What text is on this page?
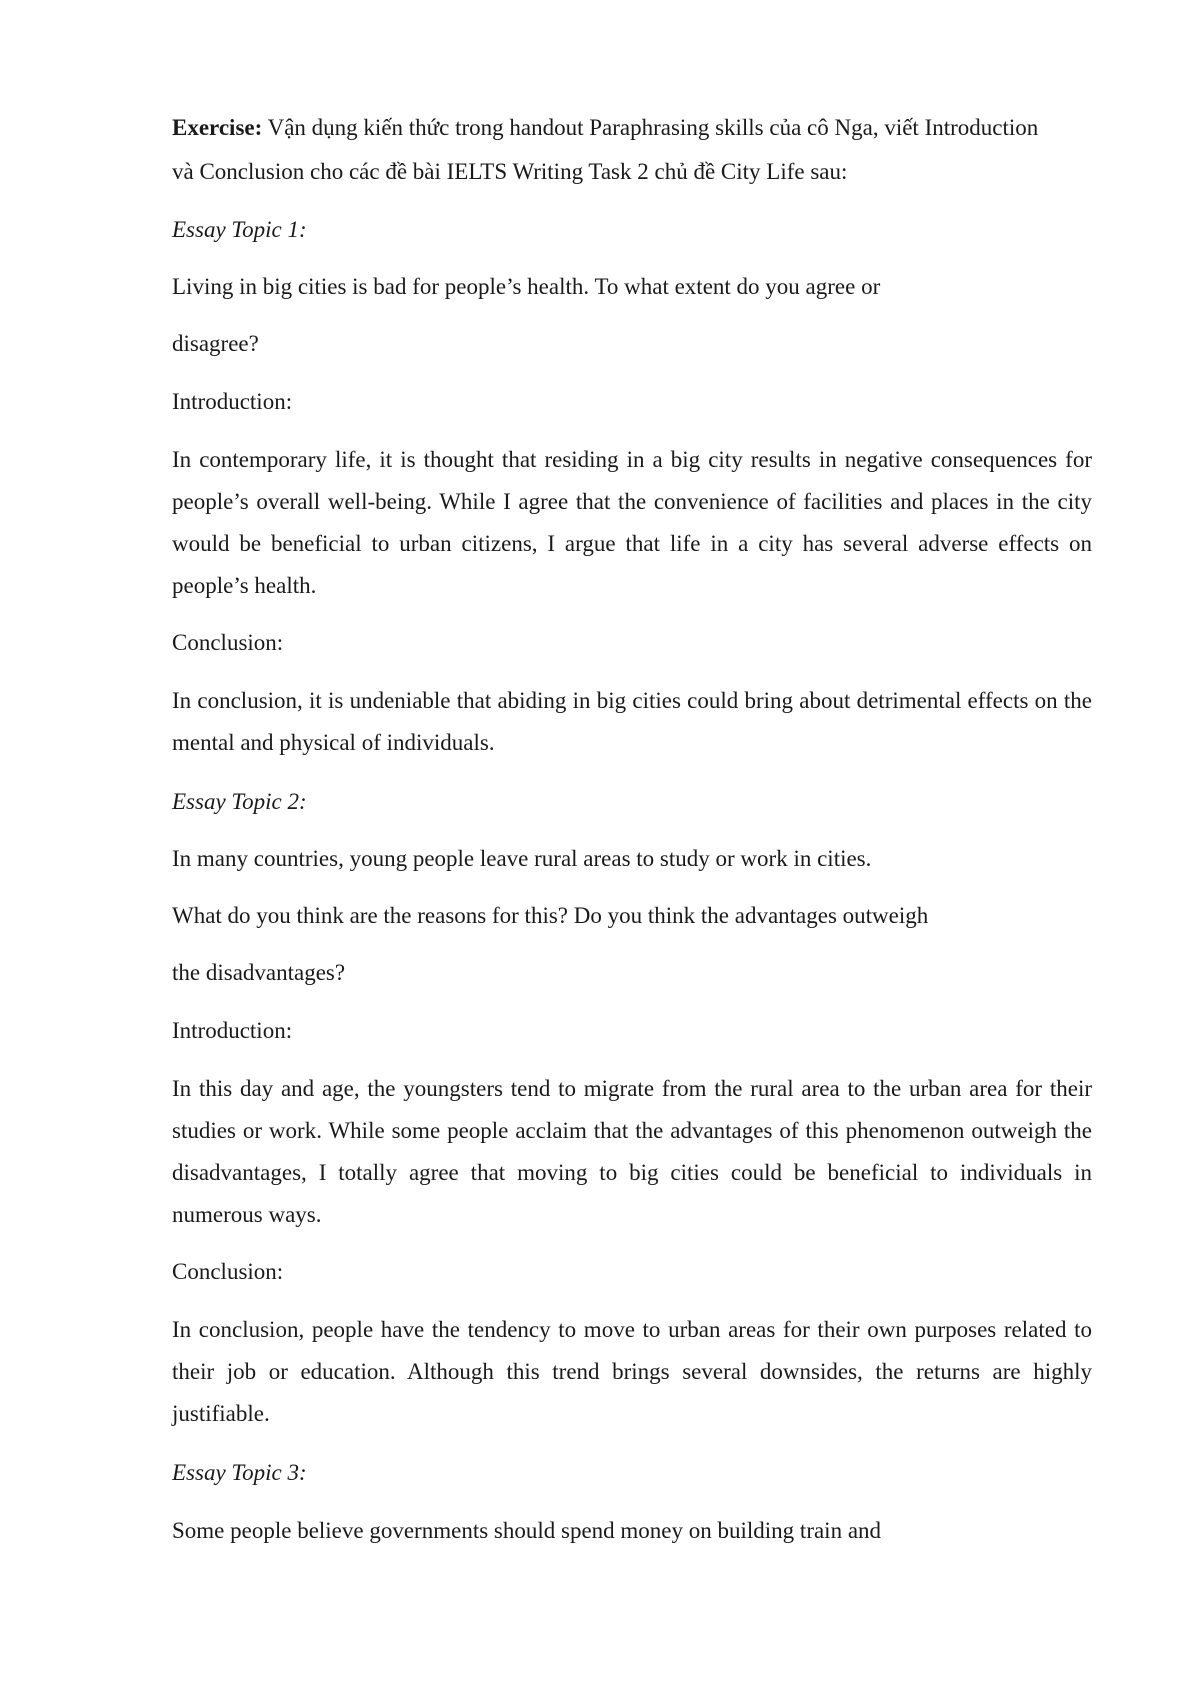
Exercise: Vận dụng kiến thức trong handout Paraphrasing skills của cô Nga, viết Introduction

và Conclusion cho các đề bài IELTS Writing Task 2 chủ đề City Life sau:

Essay Topic 1:

Living in big cities is bad for people’s health. To what extent do you agree or

disagree?

Introduction:

In contemporary life, it is thought that residing in a big city results in negative consequences for people’s overall well-being. While I agree that the convenience of facilities and places in the city would be beneficial to urban citizens, I argue that life in a city has several adverse effects on people’s health.

Conclusion:

In conclusion, it is undeniable that abiding in big cities could bring about detrimental effects on the mental and physical of individuals.

Essay Topic 2:

In many countries, young people leave rural areas to study or work in cities.

What do you think are the reasons for this? Do you think the advantages outweigh

the disadvantages?

Introduction:

In this day and age, the youngsters tend to migrate from the rural area to the urban area for their studies or work. While some people acclaim that the advantages of this phenomenon outweigh the disadvantages, I totally agree that moving to big cities could be beneficial to individuals in numerous ways.

Conclusion:

In conclusion, people have the tendency to move to urban areas for their own purposes related to their job or education. Although this trend brings several downsides, the returns are highly justifiable.

Essay Topic 3:

Some people believe governments should spend money on building train and
